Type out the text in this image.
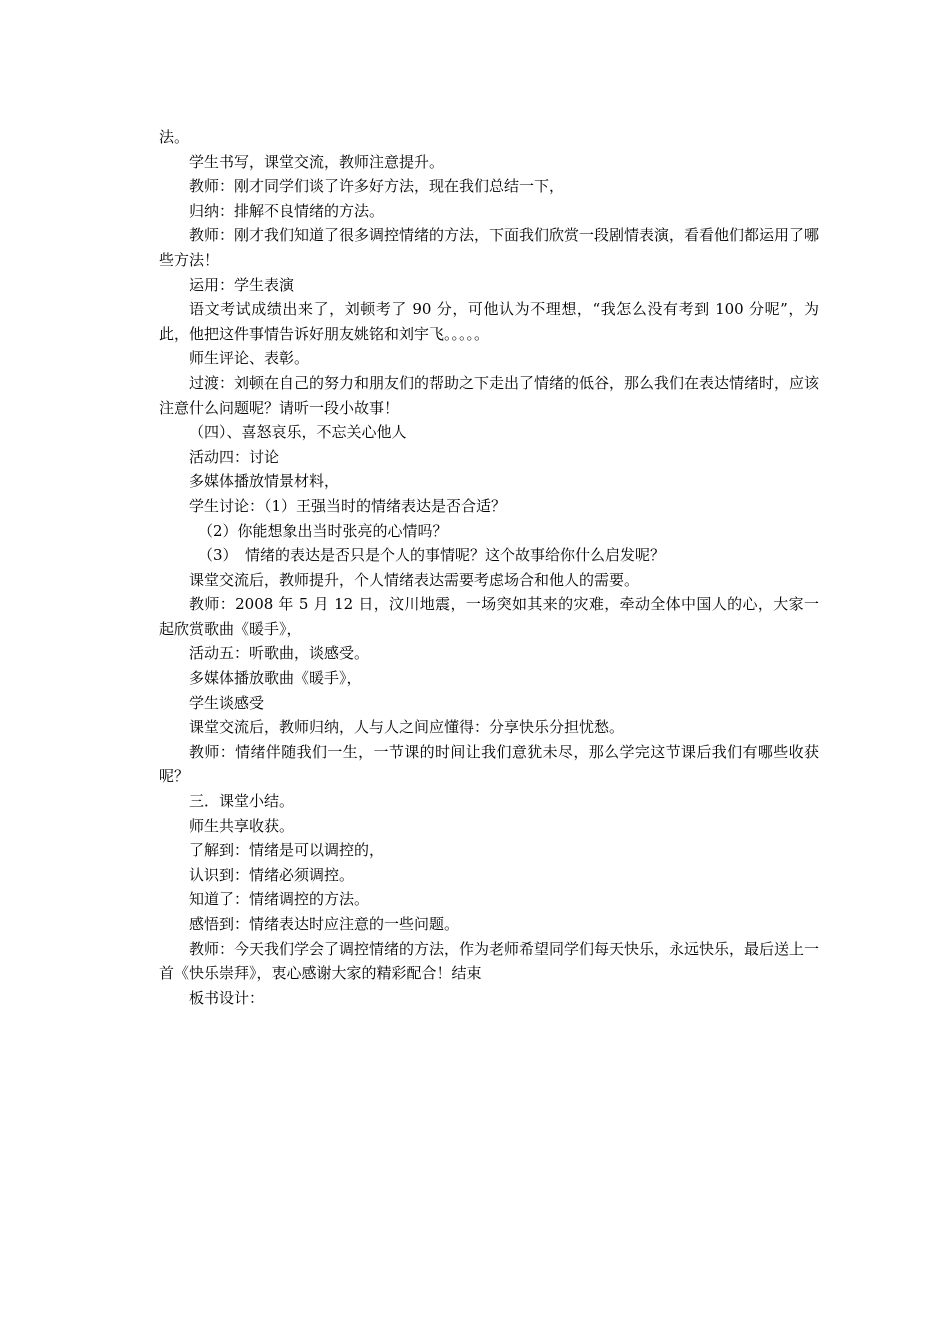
法。

学生书写，课堂交流，教师注意提升。

教师：刚才同学们谈了许多好方法，现在我们总结一下，

归纳：排解不良情绪的方法。

教师：刚才我们知道了很多调控情绪的方法，下面我们欣赏一段剧情表演，看看他们都运用了哪些方法！

运用：学生表演

语文考试成绩出来了，刘顿考了 90 分，可他认为不理想，“我怎么没有考到 100 分呢”，为此，他把这件事情告诉好朋友姚铭和刘宇飞。。。。。

师生评论、表彰。

过渡：刘顿在自己的努力和朋友们的帮助之下走出了情绪的低谷，那么我们在表达情绪时，应该注意什么问题呢？请听一段小故事！

（四）、喜怒哀乐，不忘关心他人

活动四：讨论

多媒体播放情景材料，

学生讨论：（1）王强当时的情绪表达是否合适？

（2）你能想象出当时张亮的心情吗？

（3）　情绪的表达是否只是个人的事情呢？这个故事给你什么启发呢？

课堂交流后，教师提升，个人情绪表达需要考虑场合和他人的需要。

教师：2008 年 5 月 12 日，汶川地震，一场突如其来的灾难，牵动全体中国人的心，大家一起欣赏歌曲《暖手》，

活动五：听歌曲，谈感受。

多媒体播放歌曲《暖手》，

学生谈感受

课堂交流后，教师归纳，人与人之间应懂得：分享快乐分担忧愁。

教师：情绪伴随我们一生，一节课的时间让我们意犹未尽，那么学完这节课后我们有哪些收获呢？

三．课堂小结。

师生共享收获。

了解到：情绪是可以调控的，

认识到：情绪必须调控。

知道了：情绪调控的方法。

感悟到：情绪表达时应注意的一些问题。

教师：今天我们学会了调控情绪的方法，作为老师希望同学们每天快乐，永远快乐，最后送上一首《快乐崇拜》，衷心感谢大家的精彩配合！结束

板书设计：
